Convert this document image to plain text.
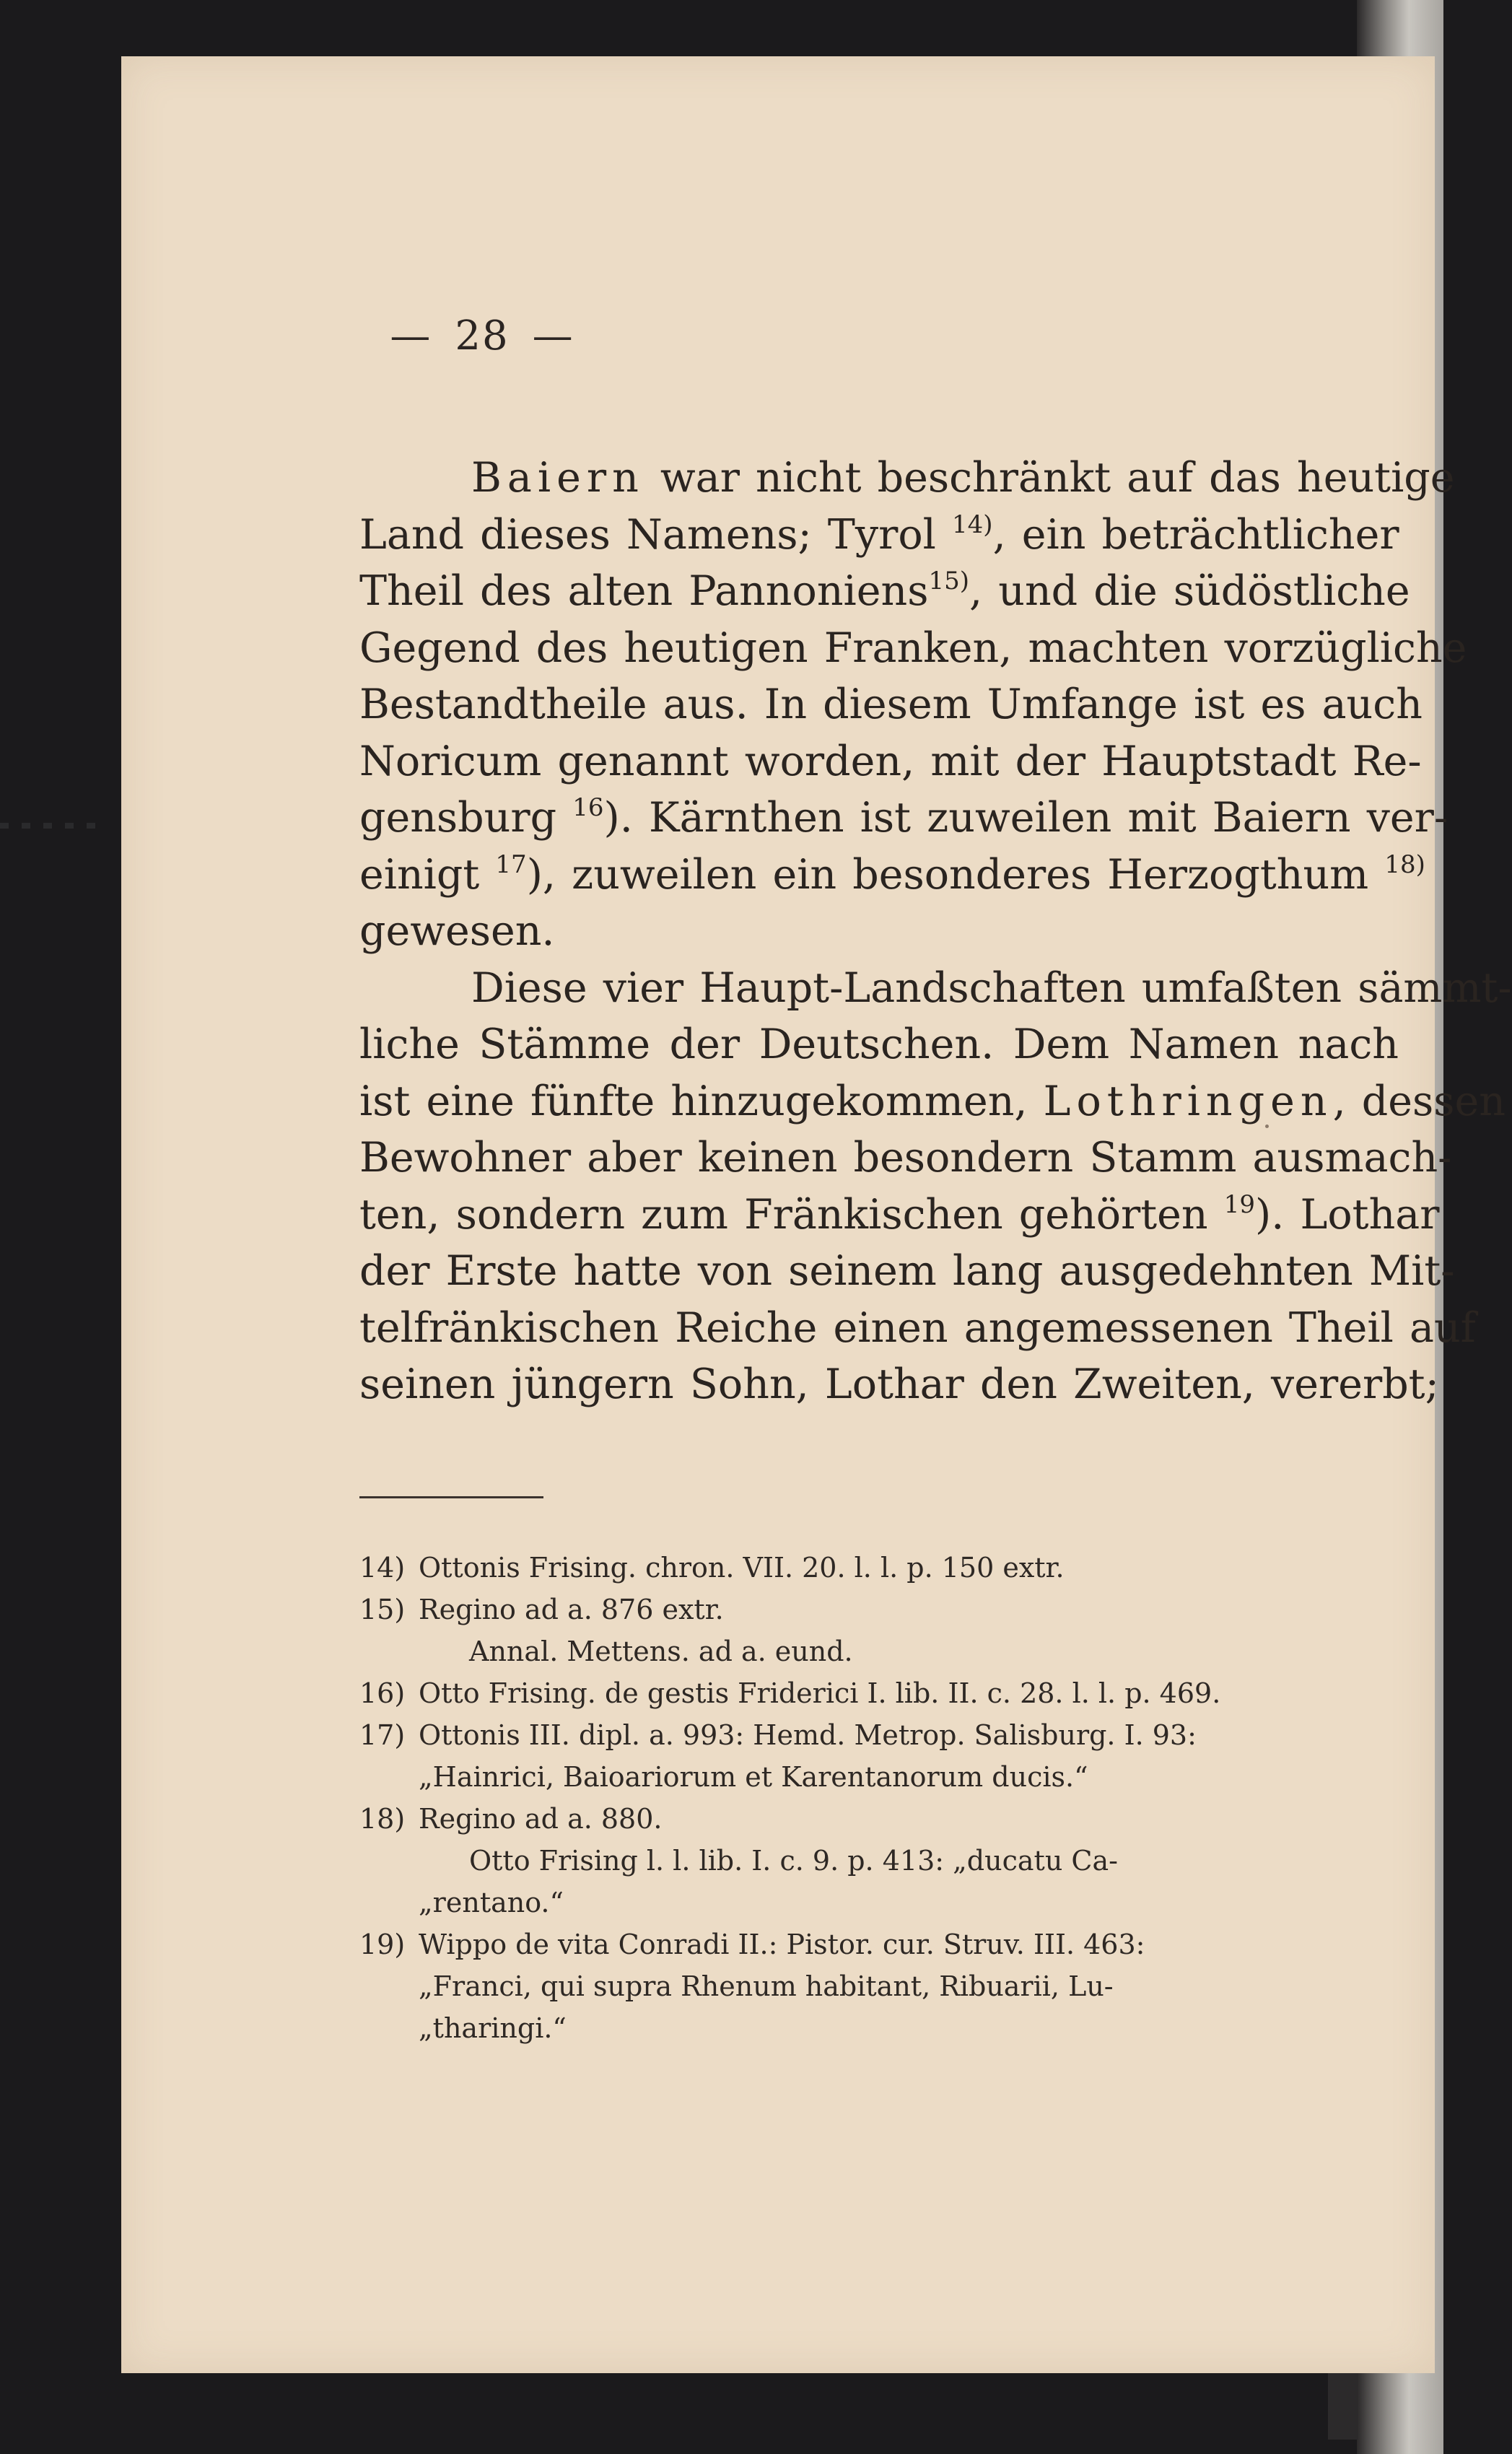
— 28 —

Baiern war nicht beschränkt auf das heutige

Land dieses Namens; Tyrol $^{14)}$, ein beträchtlicher
Theil des alten Pannoniens$^{15)}$, und die südöstliche
Gegend des heutigen Franken, machten vorzügliche
Bestandtheile aus. In diesem Umfange ist es auch
Noricum genannt worden, mit der Hauptstadt Re-
gensburg $^{16}$). Kärnthen ist zuweilen mit Baiern ver-
einigt $^{17}$), zuweilen ein besonderes Herzogthum $^{18)}$
gewesen.

Diese vier Haupt-Landschaften umfaßten sämmt-

liche Stämme der Deutschen. Dem Namen nach
ist eine fünfte hinzugekommen, Lothringen, dessen
Bewohner aber keinen besondern Stamm ausmach-
ten, sondern zum Fränkischen gehörten $^{19}$). Lothar
der Erste hatte von seinem lang ausgedehnten Mit-
telfränkischen Reiche einen angemessenen Theil auf
seinen jüngern Sohn, Lothar den Zweiten, vererbt;

14) Ottonis Frising. chron. VII. 20. l. l. p. 150 extr.
15) Regino ad a. 876 extr.
Annal. Mettens. ad a. eund.
16) Otto Frising. de gestis Friderici I. lib. II. c. 28. l. l. p. 469.
17) Ottonis III. dipl. a. 993: Hemd. Metrop. Salisburg. I. 93:
„Hainrici, Baioariorum et Karentanorum ducis.“
18) Regino ad a. 880.
Otto Frising l. l. lib. I. c. 9. p. 413: „ducatu Ca-
„rentano.“
19) Wippo de vita Conradi II.: Pistor. cur. Struv. III. 463:
„Franci, qui supra Rhenum habitant, Ribuarii, Lu-
„tharingi.“
